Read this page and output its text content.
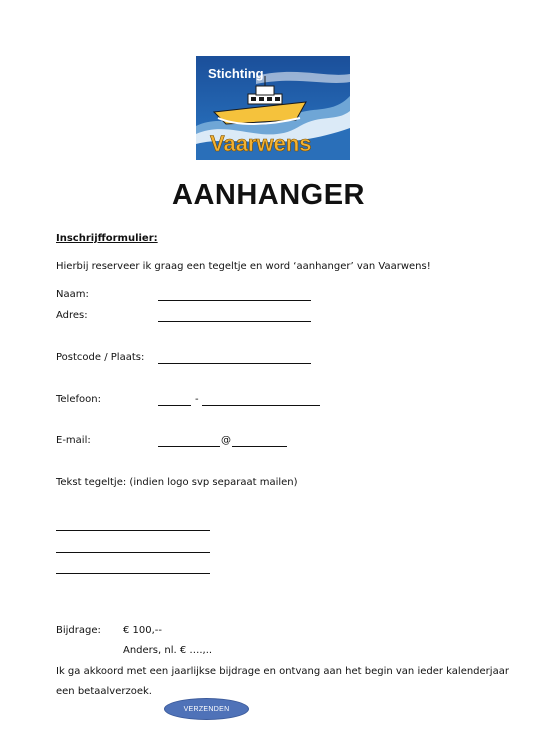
Stichting
Vaarwens
AANHANGER
Inschrijfformulier:
Hierbij reserveer ik graag een tegeltje en word ‘aanhanger’ van Vaarwens!
Naam:
Adres:
Postcode / Plaats:
Telefoon:	-
E-mail:	@
Tekst tegeltje: (indien logo svp separaat mailen)
Bijdrage: € 100,--
Anders, nl. € ….,..
Ik ga akkoord met een jaarlijkse bijdrage en ontvang aan het begin van ieder kalenderjaar
een betaalverzoek.
VERZENDEN
